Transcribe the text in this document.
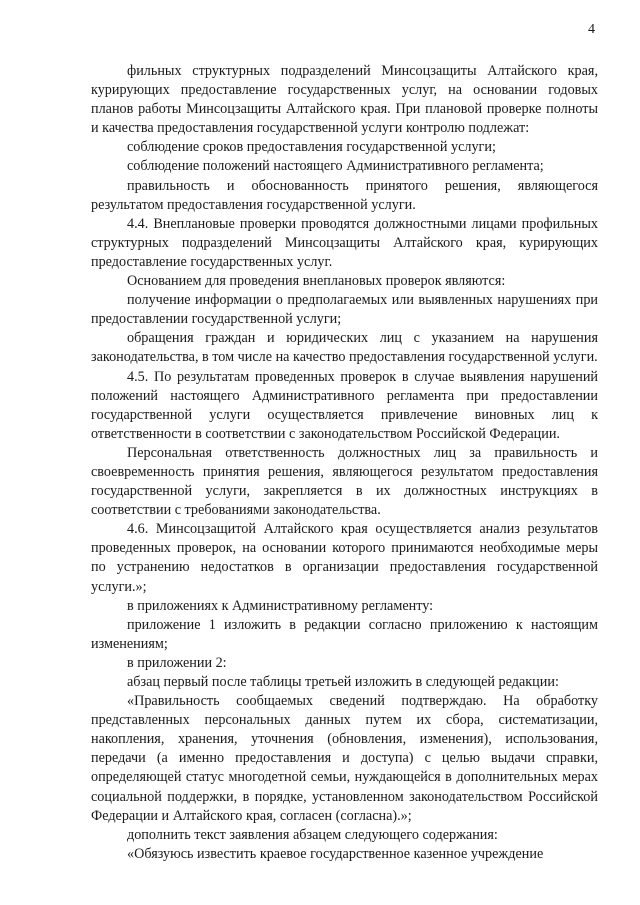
4

фильных структурных подразделений Минсоцзащиты Алтайского края, курирующих предоставление государственных услуг, на основании годовых планов работы Минсоцзащиты Алтайского края. При плановой проверке полноты и качества предоставления государственной услуги контролю подлежат:

соблюдение сроков предоставления государственной услуги;

соблюдение положений настоящего Административного регламента;

правильность и обоснованность принятого решения, являющегося результатом предоставления государственной услуги.

4.4. Внеплановые проверки проводятся должностными лицами профильных структурных подразделений Минсоцзащиты Алтайского края, курирующих предоставление государственных услуг.

Основанием для проведения внеплановых проверок являются:

получение информации о предполагаемых или выявленных нарушениях при предоставлении государственной услуги;

обращения граждан и юридических лиц с указанием на нарушения законодательства, в том числе на качество предоставления государственной услуги.

4.5. По результатам проведенных проверок в случае выявления нарушений положений настоящего Административного регламента при предоставлении государственной услуги осуществляется привлечение виновных лиц к ответственности в соответствии с законодательством Российской Федерации.

Персональная ответственность должностных лиц за правильность и своевременность принятия решения, являющегося результатом предоставления государственной услуги, закрепляется в их должностных инструкциях в соответствии с требованиями законодательства.

4.6. Минсоцзащитой Алтайского края осуществляется анализ результатов проведенных проверок, на основании которого принимаются необходимые меры по устранению недостатков в организации предоставления государственной услуги.»;

в приложениях к Административному регламенту:

приложение 1 изложить в редакции согласно приложению к настоящим изменениям;

в приложении 2:

абзац первый после таблицы третьей изложить в следующей редакции:

«Правильность сообщаемых сведений подтверждаю. На обработку представленных персональных данных путем их сбора, систематизации, накопления, хранения, уточнения (обновления, изменения), использования, передачи (а именно предоставления и доступа) с целью выдачи справки, определяющей статус многодетной семьи, нуждающейся в дополнительных мерах социальной поддержки, в порядке, установленном законодательством Российской Федерации и Алтайского края, согласен (согласна).»;

дополнить текст заявления абзацем следующего содержания:

«Обязуюсь известить краевое государственное казенное учреждение
